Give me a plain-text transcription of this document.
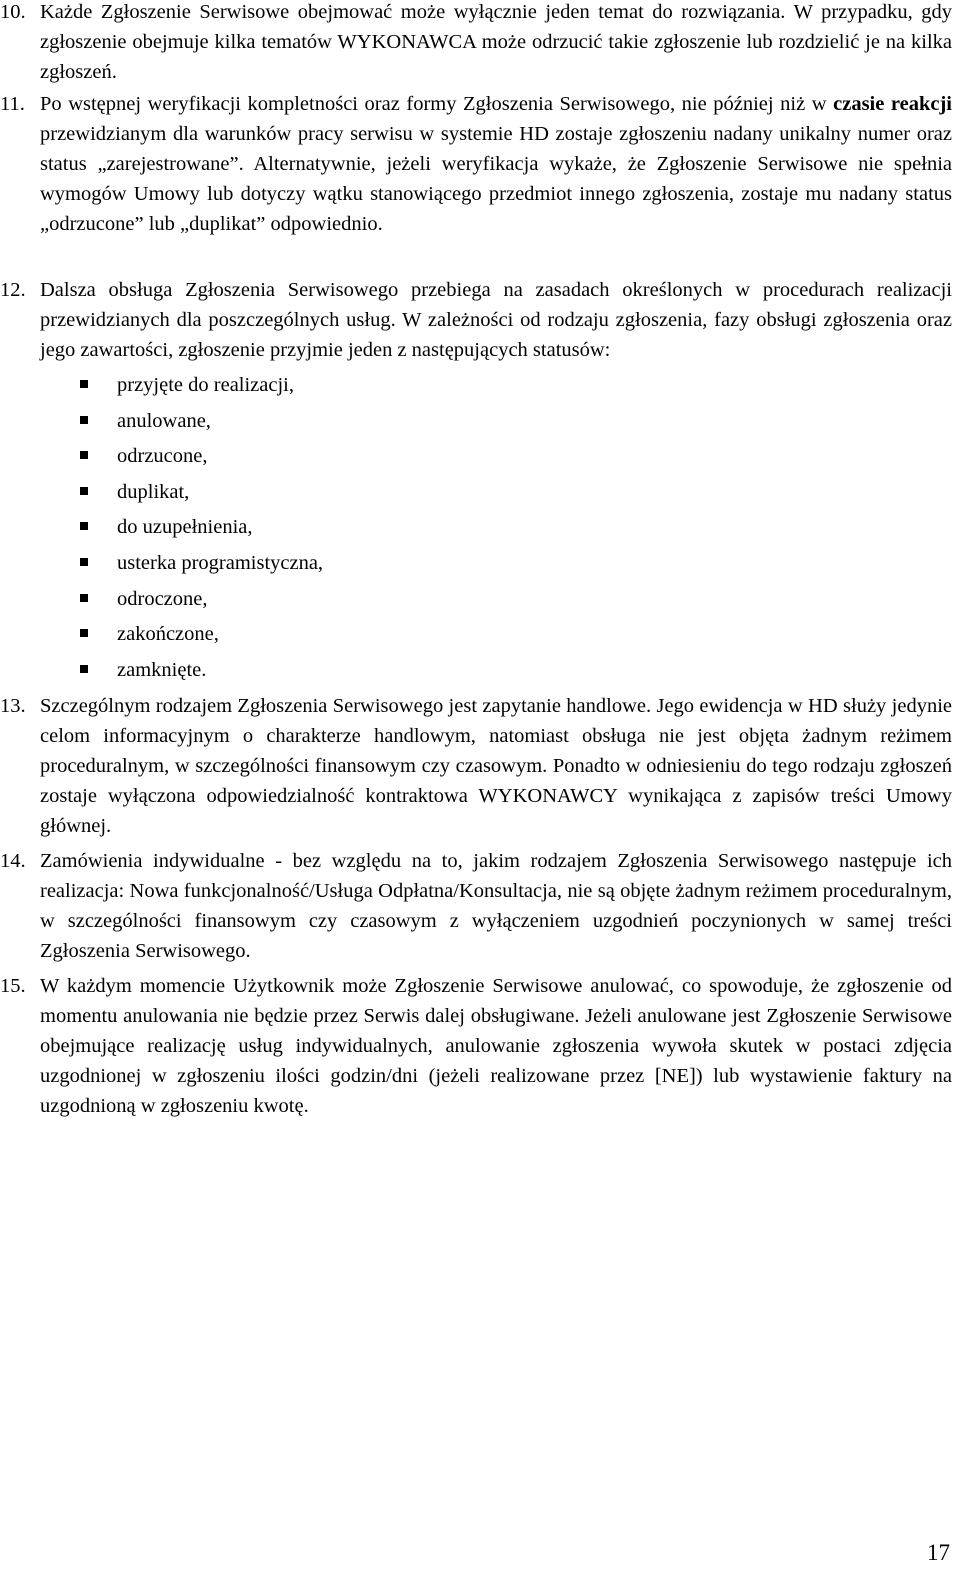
10. Każde Zgłoszenie Serwisowe obejmować może wyłącznie jeden temat do rozwiązania. W przypadku, gdy zgłoszenie obejmuje kilka tematów WYKONAWCA może odrzucić takie zgłoszenie lub rozdzielić je na kilka zgłoszeń.
11. Po wstępnej weryfikacji kompletności oraz formy Zgłoszenia Serwisowego, nie później niż w czasie reakcji przewidzianym dla warunków pracy serwisu w systemie HD zostaje zgłoszeniu nadany unikalny numer oraz status „zarejestrowane”. Alternatywnie, jeżeli weryfikacja wykaże, że Zgłoszenie Serwisowe nie spełnia wymogów Umowy lub dotyczy wątku stanowiącego przedmiot innego zgłoszenia, zostaje mu nadany status „odrzucone” lub „duplikat” odpowiednio.
12. Dalsza obsługa Zgłoszenia Serwisowego przebiega na zasadach określonych w procedurach realizacji przewidzianych dla poszczególnych usług. W zależności od rodzaju zgłoszenia, fazy obsługi zgłoszenia oraz jego zawartości, zgłoszenie przyjmie jeden z następujących statusów:
przyjęte do realizacji,
anulowane,
odrzucone,
duplikat,
do uzupełnienia,
usterka programistyczna,
odroczone,
zakończone,
zamknięte.
13. Szczególnym rodzajem Zgłoszenia Serwisowego jest zapytanie handlowe. Jego ewidencja w HD służy jedynie celom informacyjnym o charakterze handlowym, natomiast obsługa nie jest objęta żadnym reżimem proceduralnym, w szczególności finansowym czy czasowym. Ponadto w odniesieniu do tego rodzaju zgłoszeń zostaje wyłączona odpowiedzialność kontraktowa WYKONAWCY wynikająca z zapisów treści Umowy głównej.
14. Zamówienia indywidualne - bez względu na to, jakim rodzajem Zgłoszenia Serwisowego następuje ich realizacja: Nowa funkcjonalność/Usługa Odpłatna/Konsultacja, nie są objęte żadnym reżimem proceduralnym, w szczególności finansowym czy czasowym z wyłączeniem uzgodnień poczynionych w samej treści Zgłoszenia Serwisowego.
15. W każdym momencie Użytkownik może Zgłoszenie Serwisowe anulować, co spowoduje, że zgłoszenie od momentu anulowania nie będzie przez Serwis dalej obsługiwane. Jeżeli anulowane jest Zgłoszenie Serwisowe obejmujące realizację usług indywidualnych, anulowanie zgłoszenia wywoła skutek w postaci zdjęcia uzgodnionej w zgłoszeniu ilości godzin/dni (jeżeli realizowane przez [NE]) lub wystawienie faktury na uzgodnioną w zgłoszeniu kwotę.
17
